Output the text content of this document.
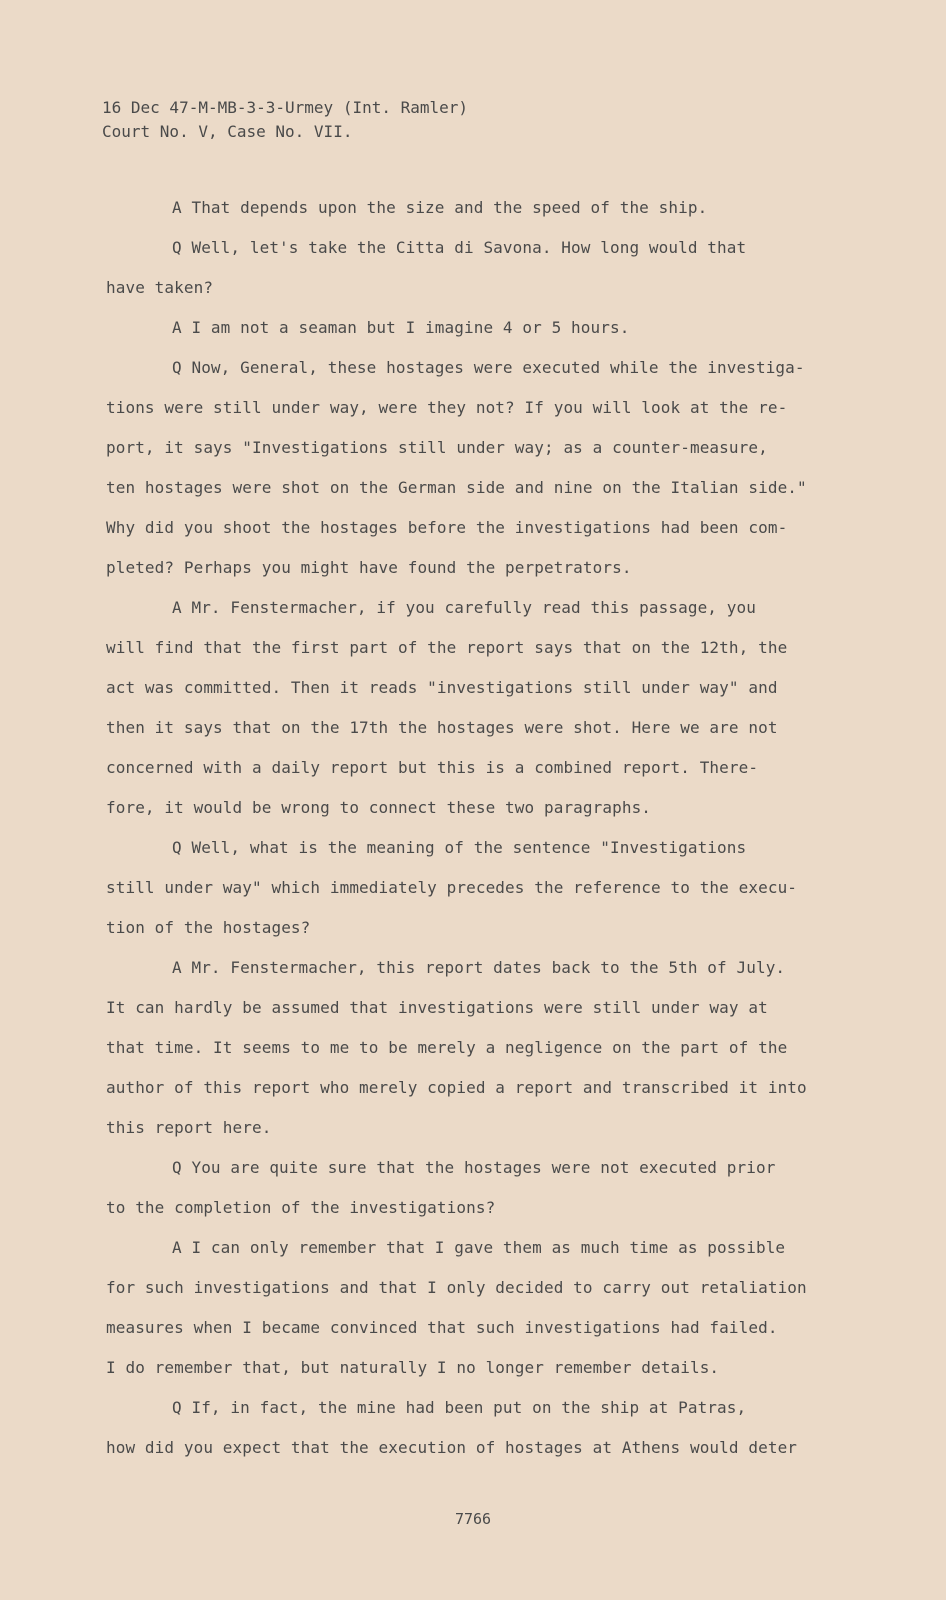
16 Dec 47-M-MB-3-3-Urmey (Int. Ramler)
Court No. V, Case No. VII.
A That depends upon the size and the speed of the ship.
Q Well, let's take the Citta di Savona. How long would that
have taken?
A I am not a seaman but I imagine 4 or 5 hours.
Q Now, General, these hostages were executed while the investiga-
tions were still under way, were they not? If you will look at the re-
port, it says "Investigations still under way; as a counter-measure,
ten hostages were shot on the German side and nine on the Italian side."
Why did you shoot the hostages before the investigations had been com-
pleted? Perhaps you might have found the perpetrators.
A Mr. Fenstermacher, if you carefully read this passage, you
will find that the first part of the report says that on the 12th, the
act was committed. Then it reads "investigations still under way" and
then it says that on the 17th the hostages were shot. Here we are not
concerned with a daily report but this is a combined report. There-
fore, it would be wrong to connect these two paragraphs.
Q Well, what is the meaning of the sentence "Investigations
still under way" which immediately precedes the reference to the execu-
tion of the hostages?
A Mr. Fenstermacher, this report dates back to the 5th of July.
It can hardly be assumed that investigations were still under way at
that time. It seems to me to be merely a negligence on the part of the
author of this report who merely copied a report and transcribed it into
this report here.
Q You are quite sure that the hostages were not executed prior
to the completion of the investigations?
A I can only remember that I gave them as much time as possible
for such investigations and that I only decided to carry out retaliation
measures when I became convinced that such investigations had failed.
I do remember that, but naturally I no longer remember details.
Q If, in fact, the mine had been put on the ship at Patras,
how did you expect that the execution of hostages at Athens would deter
7766
